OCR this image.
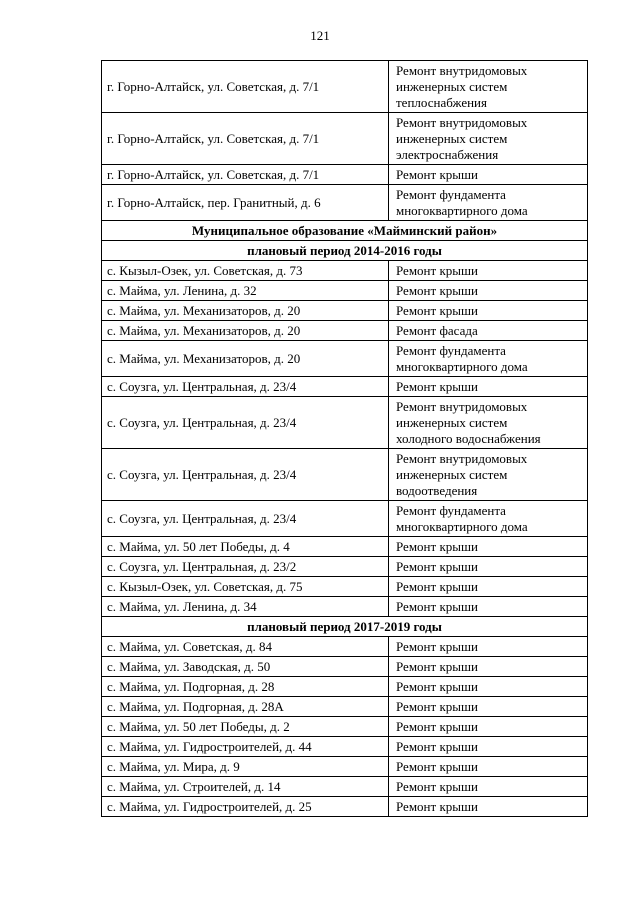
121
г. Горно-Алтайск, ул. Советская, д. 7/1	Ремонт внутридомовых
инженерных систем
теплоснабжения

г. Горно-Алтайск, ул. Советская, д. 7/1	Ремонт внутридомовых
инженерных систем
электроснабжения

г. Горно-Алтайск, ул. Советская, д. 7/1	Ремонт крыши

г. Горно-Алтайск, пер. Гранитный, д. 6	Ремонт фундамента
многоквартирного дома

Муниципальное образование «Майминский район»	
плановый период 2014-2016 годы	
с. Кызыл-Озек, ул. Советская, д. 73	Ремонт крыши

с. Майма, ул. Ленина, д. 32	Ремонт крыши

с. Майма, ул. Механизаторов, д. 20	Ремонт крыши

с. Майма, ул. Механизаторов, д. 20	Ремонт фасада

с. Майма, ул. Механизаторов, д. 20	Ремонт фундамента
многоквартирного дома

с. Соузга, ул. Центральная, д. 23/4	Ремонт крыши

с. Соузга, ул. Центральная, д. 23/4	Ремонт внутридомовых
инженерных систем
холодного водоснабжения

с. Соузга, ул. Центральная, д. 23/4	Ремонт внутридомовых
инженерных систем
водоотведения

с. Соузга, ул. Центральная, д. 23/4	Ремонт фундамента
многоквартирного дома

с. Майма, ул. 50 лет Победы, д. 4	Ремонт крыши

с. Соузга, ул. Центральная, д. 23/2	Ремонт крыши

с. Кызыл-Озек, ул. Советская, д. 75	Ремонт крыши

с. Майма, ул. Ленина, д. 34	Ремонт крыши

плановый период 2017-2019 годы	
с. Майма, ул. Советская, д. 84	Ремонт крыши

с. Майма, ул. Заводская, д. 50	Ремонт крыши

с. Майма, ул. Подгорная, д. 28	Ремонт крыши

с. Майма, ул. Подгорная, д. 28А	Ремонт крыши

с. Майма, ул. 50 лет Победы, д. 2	Ремонт крыши

с. Майма, ул. Гидростроителей, д. 44	Ремонт крыши

с. Майма, ул. Мира, д. 9	Ремонт крыши

с. Майма, ул. Строителей, д. 14	Ремонт крыши

с. Майма, ул. Гидростроителей, д. 25	Ремонт крыши
